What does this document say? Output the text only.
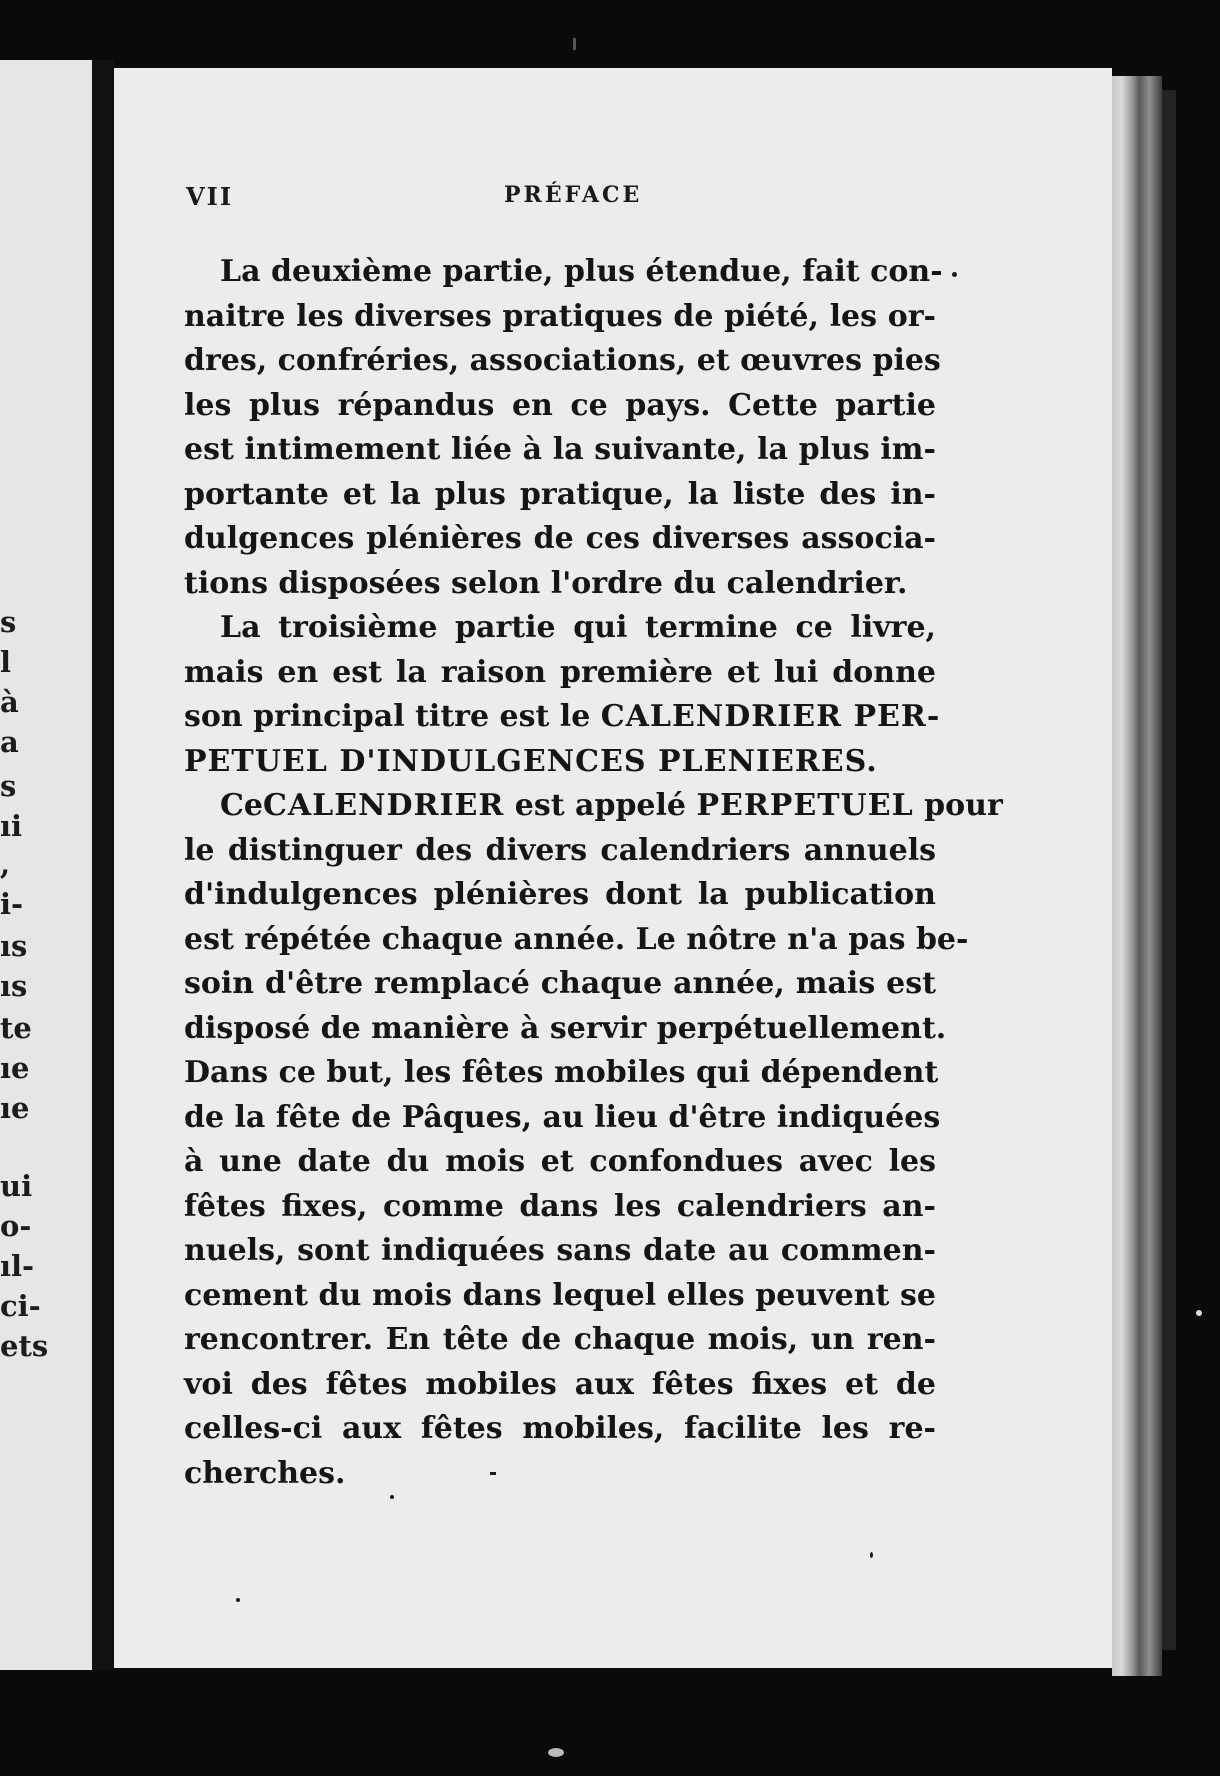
s
l
à
a
s
ıi
,
i-
ıs
ıs
te
ıe
ıe
ui
o-
ıl-
ci-
ets
VII	PRÉFACE
La deuxième partie, plus étendue, fait con-
naitre les diverses pratiques de piété, les or-
dres, confréries, associations, et œuvres pies
les plus répandus en ce pays. Cette partie
est intimement liée à la suivante, la plus im-
portante et la plus pratique, la liste des in-
dulgences plénières de ces diverses associa-
tions disposées selon l'ordre du calendrier.
La troisième partie qui termine ce livre,
mais en est la raison première et lui donne
son principal titre est le CALENDRIER PER-
PETUEL D'INDULGENCES PLENIERES.
CeCALENDRIER est appelé PERPETUEL pour
le distinguer des divers calendriers annuels
d'indulgences plénières dont la publication
est répétée chaque année. Le nôtre n'a pas be-
soin d'être remplacé chaque année, mais est
disposé de manière à servir perpétuellement.
Dans ce but, les fêtes mobiles qui dépendent
de la fête de Pâques, au lieu d'être indiquées
à une date du mois et confondues avec les
fêtes fixes, comme dans les calendriers an-
nuels, sont indiquées sans date au commen-
cement du mois dans lequel elles peuvent se
rencontrer. En tête de chaque mois, un ren-
voi des fêtes mobiles aux fêtes fixes et de
celles-ci aux fêtes mobiles, facilite les re-
cherches.
